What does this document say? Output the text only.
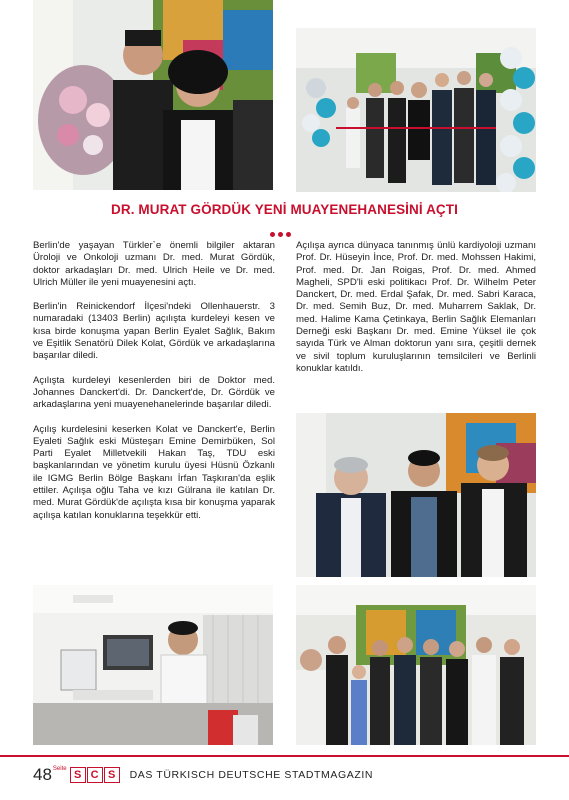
DR. MURAT GÖRDÜK YENİ MUAYENEHANESİNİ AÇTI

Berlin'de yaşayan Türkler`e önemli bilgiler aktaran Üroloji ve Onkoloji uzmanı Dr. med. Murat Gördük, doktor arkadaşları Dr. med. Ulrich Heile ve Dr. med. Ulrich Müller ile yeni muayenesini açtı.

Berlin'in Reinickendorf İlçesi'ndeki Ollenhauerstr. 3 numaradaki (13403 Berlin) açılışta kurdeleyi kesen ve kısa birde konuşma yapan Berlin Eyalet Sağlık, Bakım ve Eşitlik Senatörü Dilek Kolat, Gördük ve arkadaşlarına başarılar diledi.

Açılışta kurdeleyi kesenlerden biri de Doktor med. Johannes Danckert'di. Dr. Danckert'de, Dr. Gördük ve arkadaşlarına yeni muayenehanelerinde başarılar diledi.

Açılış kurdelesini keserken Kolat ve Danckert'e, Berlin Eyaleti Sağlık eski Müsteşarı Emine Demirbüken, Sol Parti Eyalet Milletvekili Hakan Taş, TDU eski başkanlarından ve yönetim kurulu üyesi Hüsnü Özkanlı ile IGMG Berlin Bölge Başkanı İrfan Taşkıran'da eşlik ettiler. Açılışa oğlu Taha ve kızı Gülrana ile katılan Dr. med. Murat Gördük'de açılışta kısa bir konuşma yaparak açılışa katılan konuklarına teşekkür etti.

Açılışa ayrıca dünyaca tanınmış ünlü kardiyoloji uzmanı Prof. Dr. Hüseyin İnce, Prof. Dr. med. Mohssen Hakimi, Prof. med. Dr. Jan Roigas, Prof. Dr. med. Ahmed Magheli, SPD'li eski politikacı Prof. Dr. Wilhelm Peter Danckert, Dr. med. Erdal Şafak, Dr. med. Sabri Karaca, Dr. med. Semih Buz, Dr. med. Muharrem Saklak, Dr. med. Halime Kama Çetinkaya, Berlin Sağlık Elemanları Derneği eski Başkanı Dr. med. Emine Yüksel ile çok sayıda Türk ve Alman doktorun yanı sıra, çeşitli dernek ve sivil toplum kuruluşlarının temsilcileri ve Berlinli konuklar katıldı.

48 Seite S C S	DAS TÜRKISCH DEUTSCHE STADTMAGAZIN
